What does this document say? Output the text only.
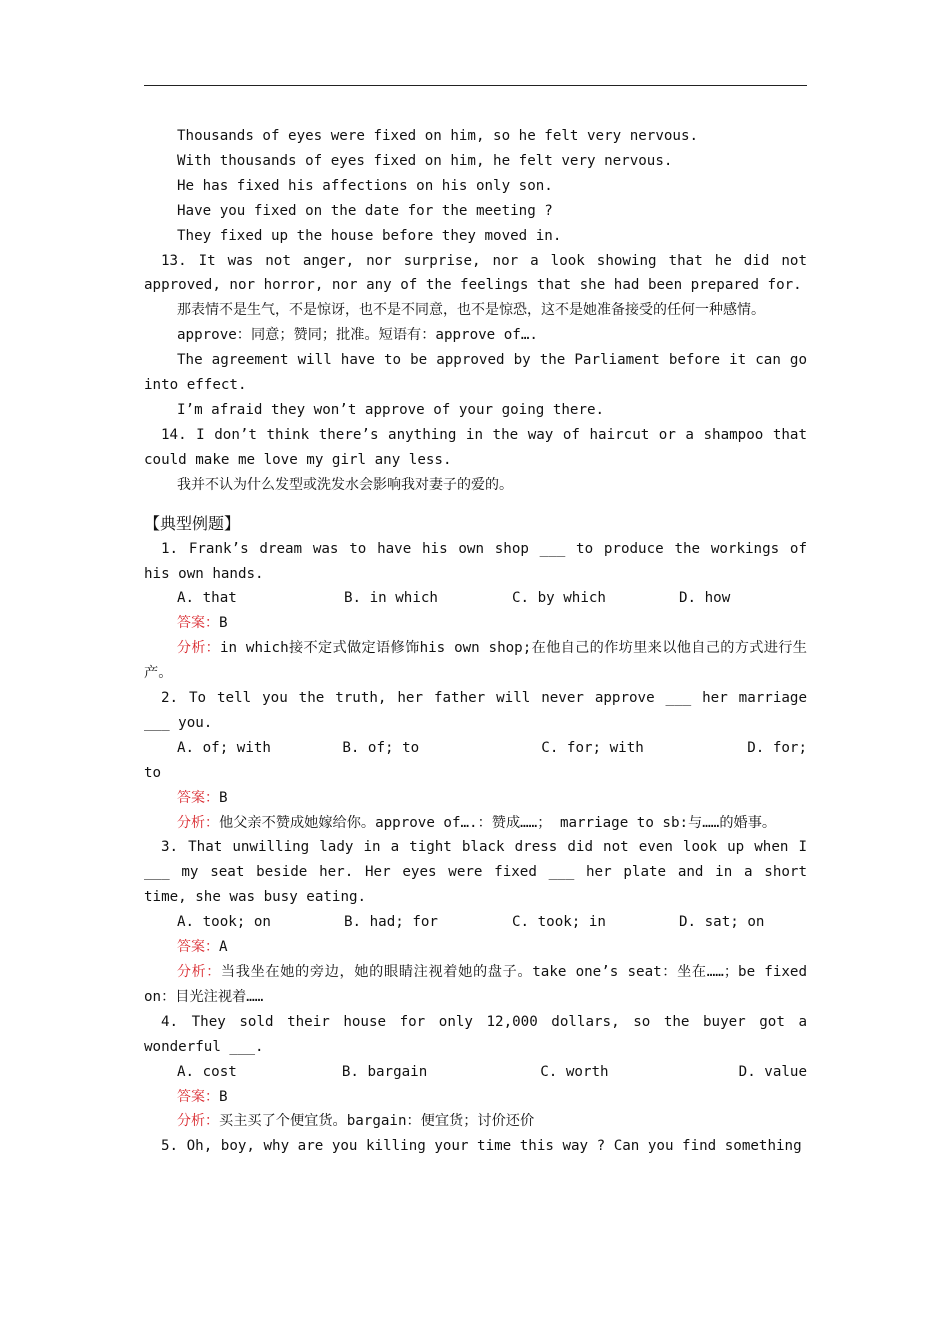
Thousands of eyes were fixed on him, so he felt very nervous.

With thousands of eyes fixed on him, he felt very nervous.

He has fixed his affections on his only son.

Have you fixed on the date for the meeting ?

They fixed up the house before they moved in.

13. It was not anger, nor surprise, nor a look showing that he did not approved, nor horror, nor any of the feelings that she had been prepared for.

那表情不是生气，不是惊讶，也不是不同意，也不是惊恐，这不是她准备接受的任何一种感情。

approve：同意；赞同；批准。短语有：approve of….

The agreement will have to be approved by the Parliament before it can go into effect.

I’m afraid they won’t approve of your going there.

14. I don’t think there’s anything in the way of haircut or a shampoo that could make me love my girl any less.

我并不认为什么发型或洗发水会影响我对妻子的爱的。

【典型例题】

1. Frank’s dream was to have his own shop ___ to produce the workings of his own hands.

A. that	B. in which	C. by which	D. how

答案：B

分析：in which接不定式做定语修饰his own shop;在他自己的作坊里来以他自己的方式进行生产。

2. To tell you the truth, her father will never approve ___ her marriage ___ you.

A. of; with	B. of; to	C. for; with	D. for;

to

答案：B

分析：他父亲不赞成她嫁给你。approve of….：赞成……； marriage to sb:与……的婚事。

3. That unwilling lady in a tight black dress did not even look up when I ___ my seat beside her. Her eyes were fixed ___ her plate and in a short time, she was busy eating.

A. took; on	B. had; for	C. took; in	D. sat; on

答案：A

分析：当我坐在她的旁边，她的眼睛注视着她的盘子。take one’s seat：坐在……；be fixed on：目光注视着……

4. They sold their house for only 12,000 dollars, so the buyer got a wonderful ___.

A. cost	B. bargain	C. worth	D. value

答案：B

分析：买主买了个便宜货。bargain：便宜货；讨价还价

5. Oh, boy, why are you killing your time this way ? Can you find something
